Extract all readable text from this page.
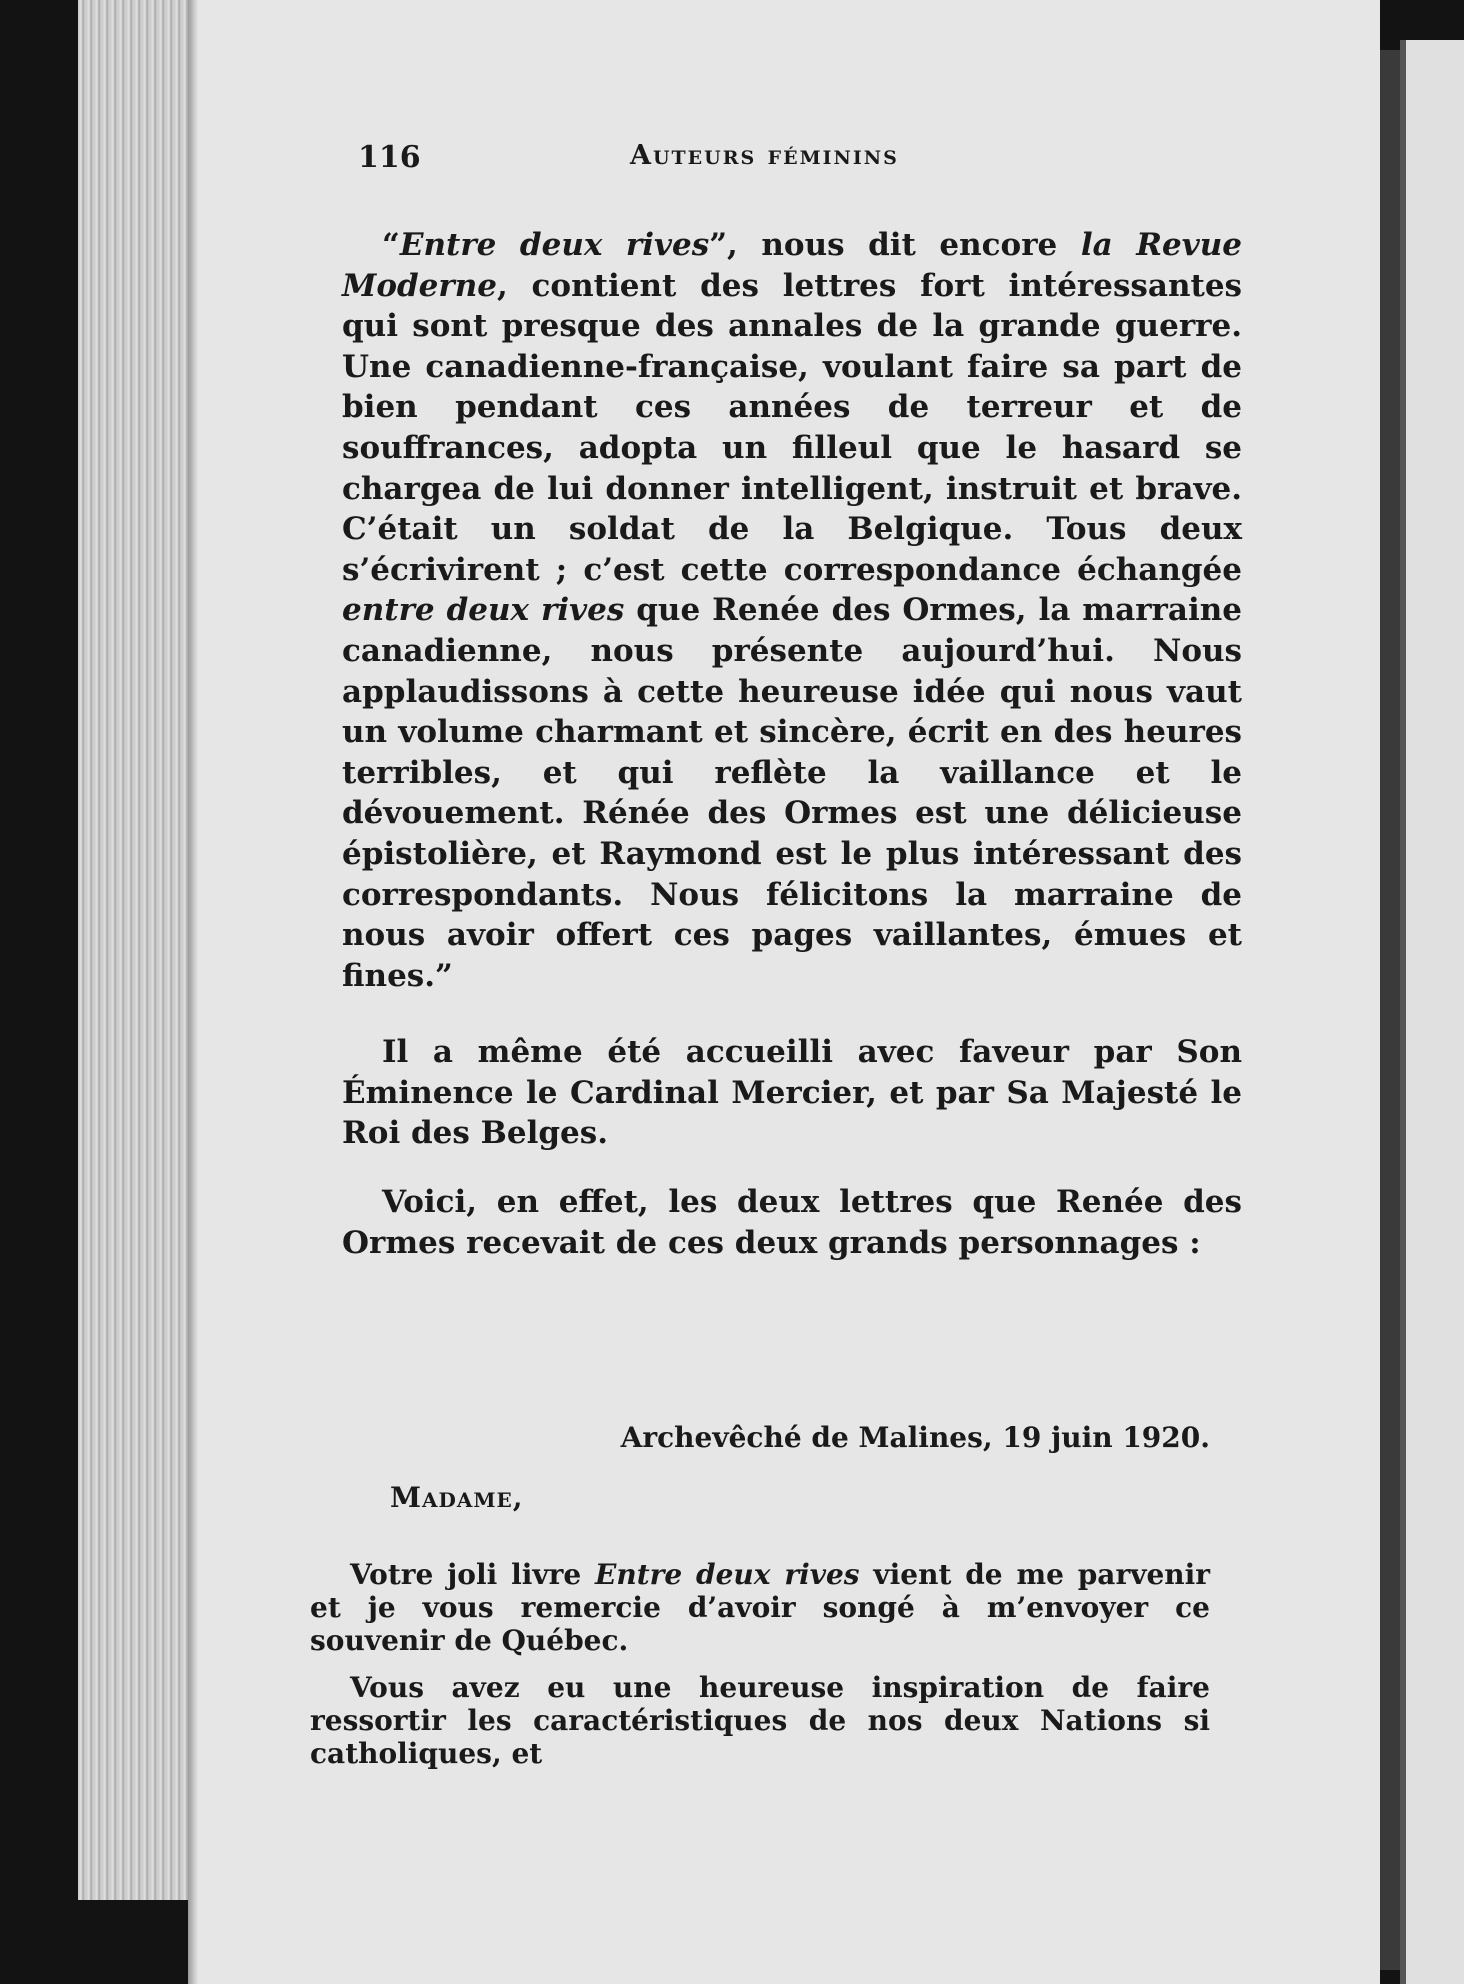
116	Auteurs féminins

“Entre deux rives”, nous dit encore la Revue Moderne, contient des lettres fort intéressantes qui sont presque des annales de la grande guerre. Une canadienne-française, voulant faire sa part de bien pendant ces années de terreur et de souffrances, adopta un filleul que le hasard se chargea de lui donner intelligent, instruit et brave. C’était un soldat de la Belgique. Tous deux s’écrivirent ; c’est cette correspondance échangée entre deux rives que Renée des Ormes, la marraine canadienne, nous présente aujourd’hui. Nous applaudissons à cette heureuse idée qui nous vaut un volume charmant et sincère, écrit en des heures terribles, et qui reflète la vaillance et le dévouement. Rénée des Ormes est une délicieuse épistolière, et Raymond est le plus intéressant des correspondants. Nous félicitons la marraine de nous avoir offert ces pages vaillantes, émues et fines.”

Il a même été accueilli avec faveur par Son Éminence le Cardinal Mercier, et par Sa Majesté le Roi des Belges.

Voici, en effet, les deux lettres que Renée des Ormes recevait de ces deux grands personnages :

Archevêché de Malines, 19 juin 1920.
Madame,

Votre joli livre Entre deux rives vient de me parvenir et je vous remercie d’avoir songé à m’envoyer ce souvenir de Québec.

Vous avez eu une heureuse inspiration de faire ressortir les caractéristiques de nos deux Nations si catholiques, et
